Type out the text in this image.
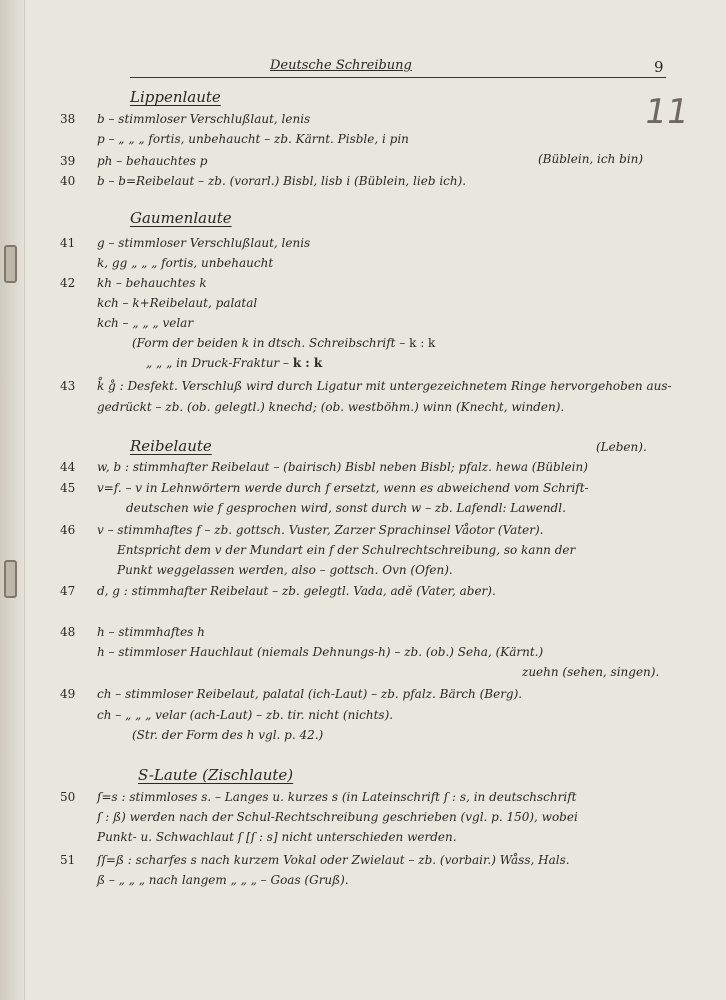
Deutsche Schreibung	9
11
Lippenlaute
38 b – stimmloser Verschlußlaut, lenis
p – „ „ „ fortis, unbehaucht – zb. Kärnt. Pisble, i pin
(Büblein, ich bin)
39 ph – behauchtes p
40 b – b=Reibelaut – zb. (vorarl.) Bisbl, lisb i (Büblein, lieb ich).
Gaumenlaute
41 g – stimmloser Verschlußlaut, lenis
k, gg „ „ „ fortis, unbehaucht
42 kh – behauchtes k
kch – k+Reibelaut, palatal
kch – „ „ „ velar
(Form der beiden k in dtsch. Schreibschrift – k : k
„ „ „ in Druck-Fraktur – k : k
43 k̊ g̊ : Desfekt. Verschluß wird durch Ligatur mit untergezeichnetem Ringe hervorgehoben aus-
gedrückt – zb. (ob. gelegtl.) knechd; (ob. westböhm.) winn (Knecht, winden).
Reibelaute	(Leben).
44 w, b : stimmhafter Reibelaut – (bairisch) Bisbl neben Bisbl; pfalz. hewa (Büblein)
45 v=f. – v in Lehnwörtern werde durch f ersetzt, wenn es abweichend vom Schrift-
deutschen wie f gesprochen wird, sonst durch w – zb. Lafendl: Lawendl.
46 v – stimmhaftes f – zb. gottsch. Vuster, Zarzer Sprachinsel Våotor (Vater).
Entspricht dem v der Mundart ein f der Schulrechtschreibung, so kann der
Punkt weggelassen werden, also – gottsch. Ovn (Ofen).
47 d, g : stimmhafter Reibelaut – zb. gelegtl. Vada, adĕ (Vater, aber).
48 h – stimmhaftes h
h – stimmloser Hauchlaut (niemals Dehnungs-h) – zb. (ob.) Seha, (Kärnt.)
zuehn (sehen, singen).
49 ch – stimmloser Reibelaut, palatal (ich-Laut) – zb. pfalz. Bärch (Berg).
ch – „ „ „ velar (ach-Laut) – zb. tir. nicht (nichts).
(Str. der Form des h vgl. p. 42.)
S-Laute (Zischlaute)
50 ſ=s : stimmloses s. – Langes u. kurzes s (in Lateinschrift ſ : s, in deutschschrift
ſ : ß) werden nach der Schul-Rechtschreibung geschrieben (vgl. p. 150), wobei
Punkt- u. Schwachlaut ſ [ſ : s] nicht unterschieden werden.
51 ſſ=ß : scharfes s nach kurzem Vokal oder Zwielaut – zb. (vorbair.) Wåss, Hals.
ß – „ „ „ nach langem „ „ „ – Goas (Gruß).
